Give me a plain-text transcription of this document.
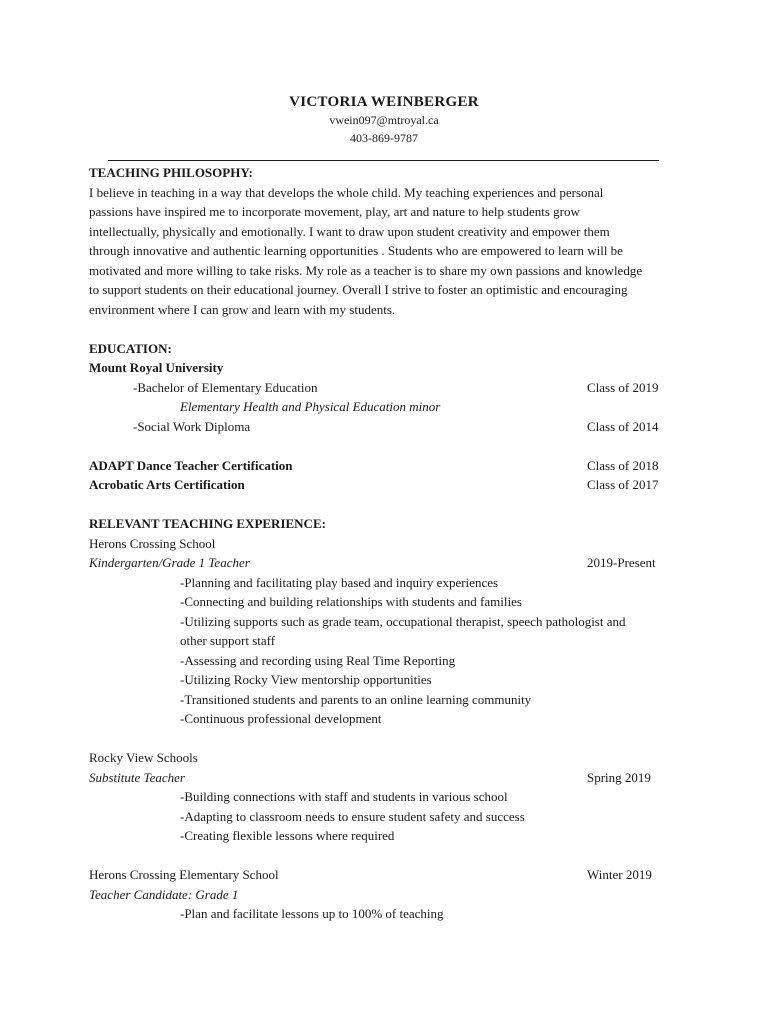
VICTORIA WEINBERGER
vwein097@mtroyal.ca
403-869-9787
TEACHING PHILOSOPHY:
I believe in teaching in a way that develops the whole child. My teaching experiences and personal
passions have inspired me to incorporate movement, play, art and nature to help students grow
intellectually, physically and emotionally. I want to draw upon student creativity and empower them
through innovative and authentic learning opportunities . Students who are empowered to learn will be
motivated and more willing to take risks. My role as a teacher is to share my own passions and knowledge
to support students on their educational journey. Overall I strive to foster an optimistic and encouraging
environment where I can grow and learn with my students.
EDUCATION:
Mount Royal University
-Bachelor of Elementary Education	Class of 2019
Elementary Health and Physical Education minor
-Social Work Diploma	Class of 2014
ADAPT Dance Teacher Certification	Class of 2018
Acrobatic Arts Certification	Class of 2017
RELEVANT TEACHING EXPERIENCE:
Herons Crossing School
Kindergarten/Grade 1 Teacher	2019-Present
-Planning and facilitating play based and inquiry experiences
-Connecting and building relationships with students and families
-Utilizing supports such as grade team, occupational therapist, speech pathologist and
other support staff
-Assessing and recording using Real Time Reporting
-Utilizing Rocky View mentorship opportunities
-Transitioned students and parents to an online learning community
-Continuous professional development
Rocky View Schools
Substitute Teacher	Spring 2019
-Building connections with staff and students in various school
-Adapting to classroom needs to ensure student safety and success
-Creating flexible lessons where required
Herons Crossing Elementary School	Winter 2019
Teacher Candidate: Grade 1
-Plan and facilitate lessons up to 100% of teaching
